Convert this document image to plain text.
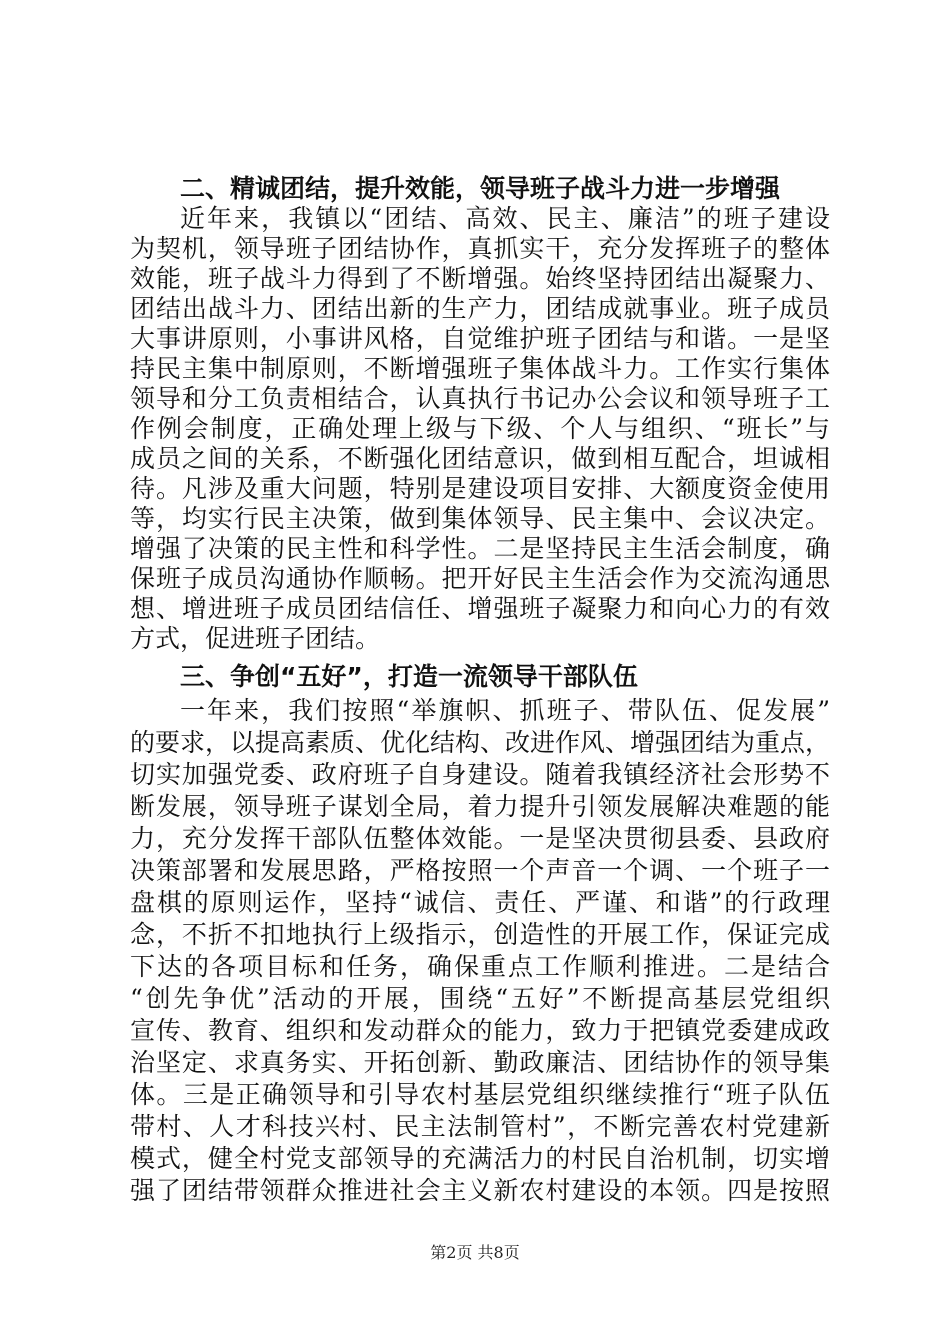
二、精诚团结，提升效能，领导班子战斗力进一步增强
近年来，我镇以“团结、高效、民主、廉洁”的班子建设
为契机，领导班子团结协作，真抓实干，充分发挥班子的整体
效能，班子战斗力得到了不断增强。始终坚持团结出凝聚力、
团结出战斗力、团结出新的生产力，团结成就事业。班子成员
大事讲原则，小事讲风格，自觉维护班子团结与和谐。一是坚
持民主集中制原则，不断增强班子集体战斗力。工作实行集体
领导和分工负责相结合，认真执行书记办公会议和领导班子工
作例会制度，正确处理上级与下级、个人与组织、“班长”与
成员之间的关系，不断强化团结意识，做到相互配合，坦诚相
待。凡涉及重大问题，特别是建设项目安排、大额度资金使用
等，均实行民主决策，做到集体领导、民主集中、会议决定。
增强了决策的民主性和科学性。二是坚持民主生活会制度，确
保班子成员沟通协作顺畅。把开好民主生活会作为交流沟通思
想、增进班子成员团结信任、增强班子凝聚力和向心力的有效
方式，促进班子团结。
三、争创“五好”，打造一流领导干部队伍
一年来，我们按照“举旗帜、抓班子、带队伍、促发展”
的要求，以提高素质、优化结构、改进作风、增强团结为重点，
切实加强党委、政府班子自身建设。随着我镇经济社会形势不
断发展，领导班子谋划全局，着力提升引领发展解决难题的能
力，充分发挥干部队伍整体效能。一是坚决贯彻县委、县政府
决策部署和发展思路，严格按照一个声音一个调、一个班子一
盘棋的原则运作，坚持“诚信、责任、严谨、和谐”的行政理
念，不折不扣地执行上级指示，创造性的开展工作，保证完成
下达的各项目标和任务，确保重点工作顺利推进。二是结合
“创先争优”活动的开展，围绕“五好”不断提高基层党组织
宣传、教育、组织和发动群众的能力，致力于把镇党委建成政
治坚定、求真务实、开拓创新、勤政廉洁、团结协作的领导集
体。三是正确领导和引导农村基层党组织继续推行“班子队伍
带村、人才科技兴村、民主法制管村”，不断完善农村党建新
模式，健全村党支部领导的充满活力的村民自治机制，切实增
强了团结带领群众推进社会主义新农村建设的本领。四是按照
第2页 共8页
